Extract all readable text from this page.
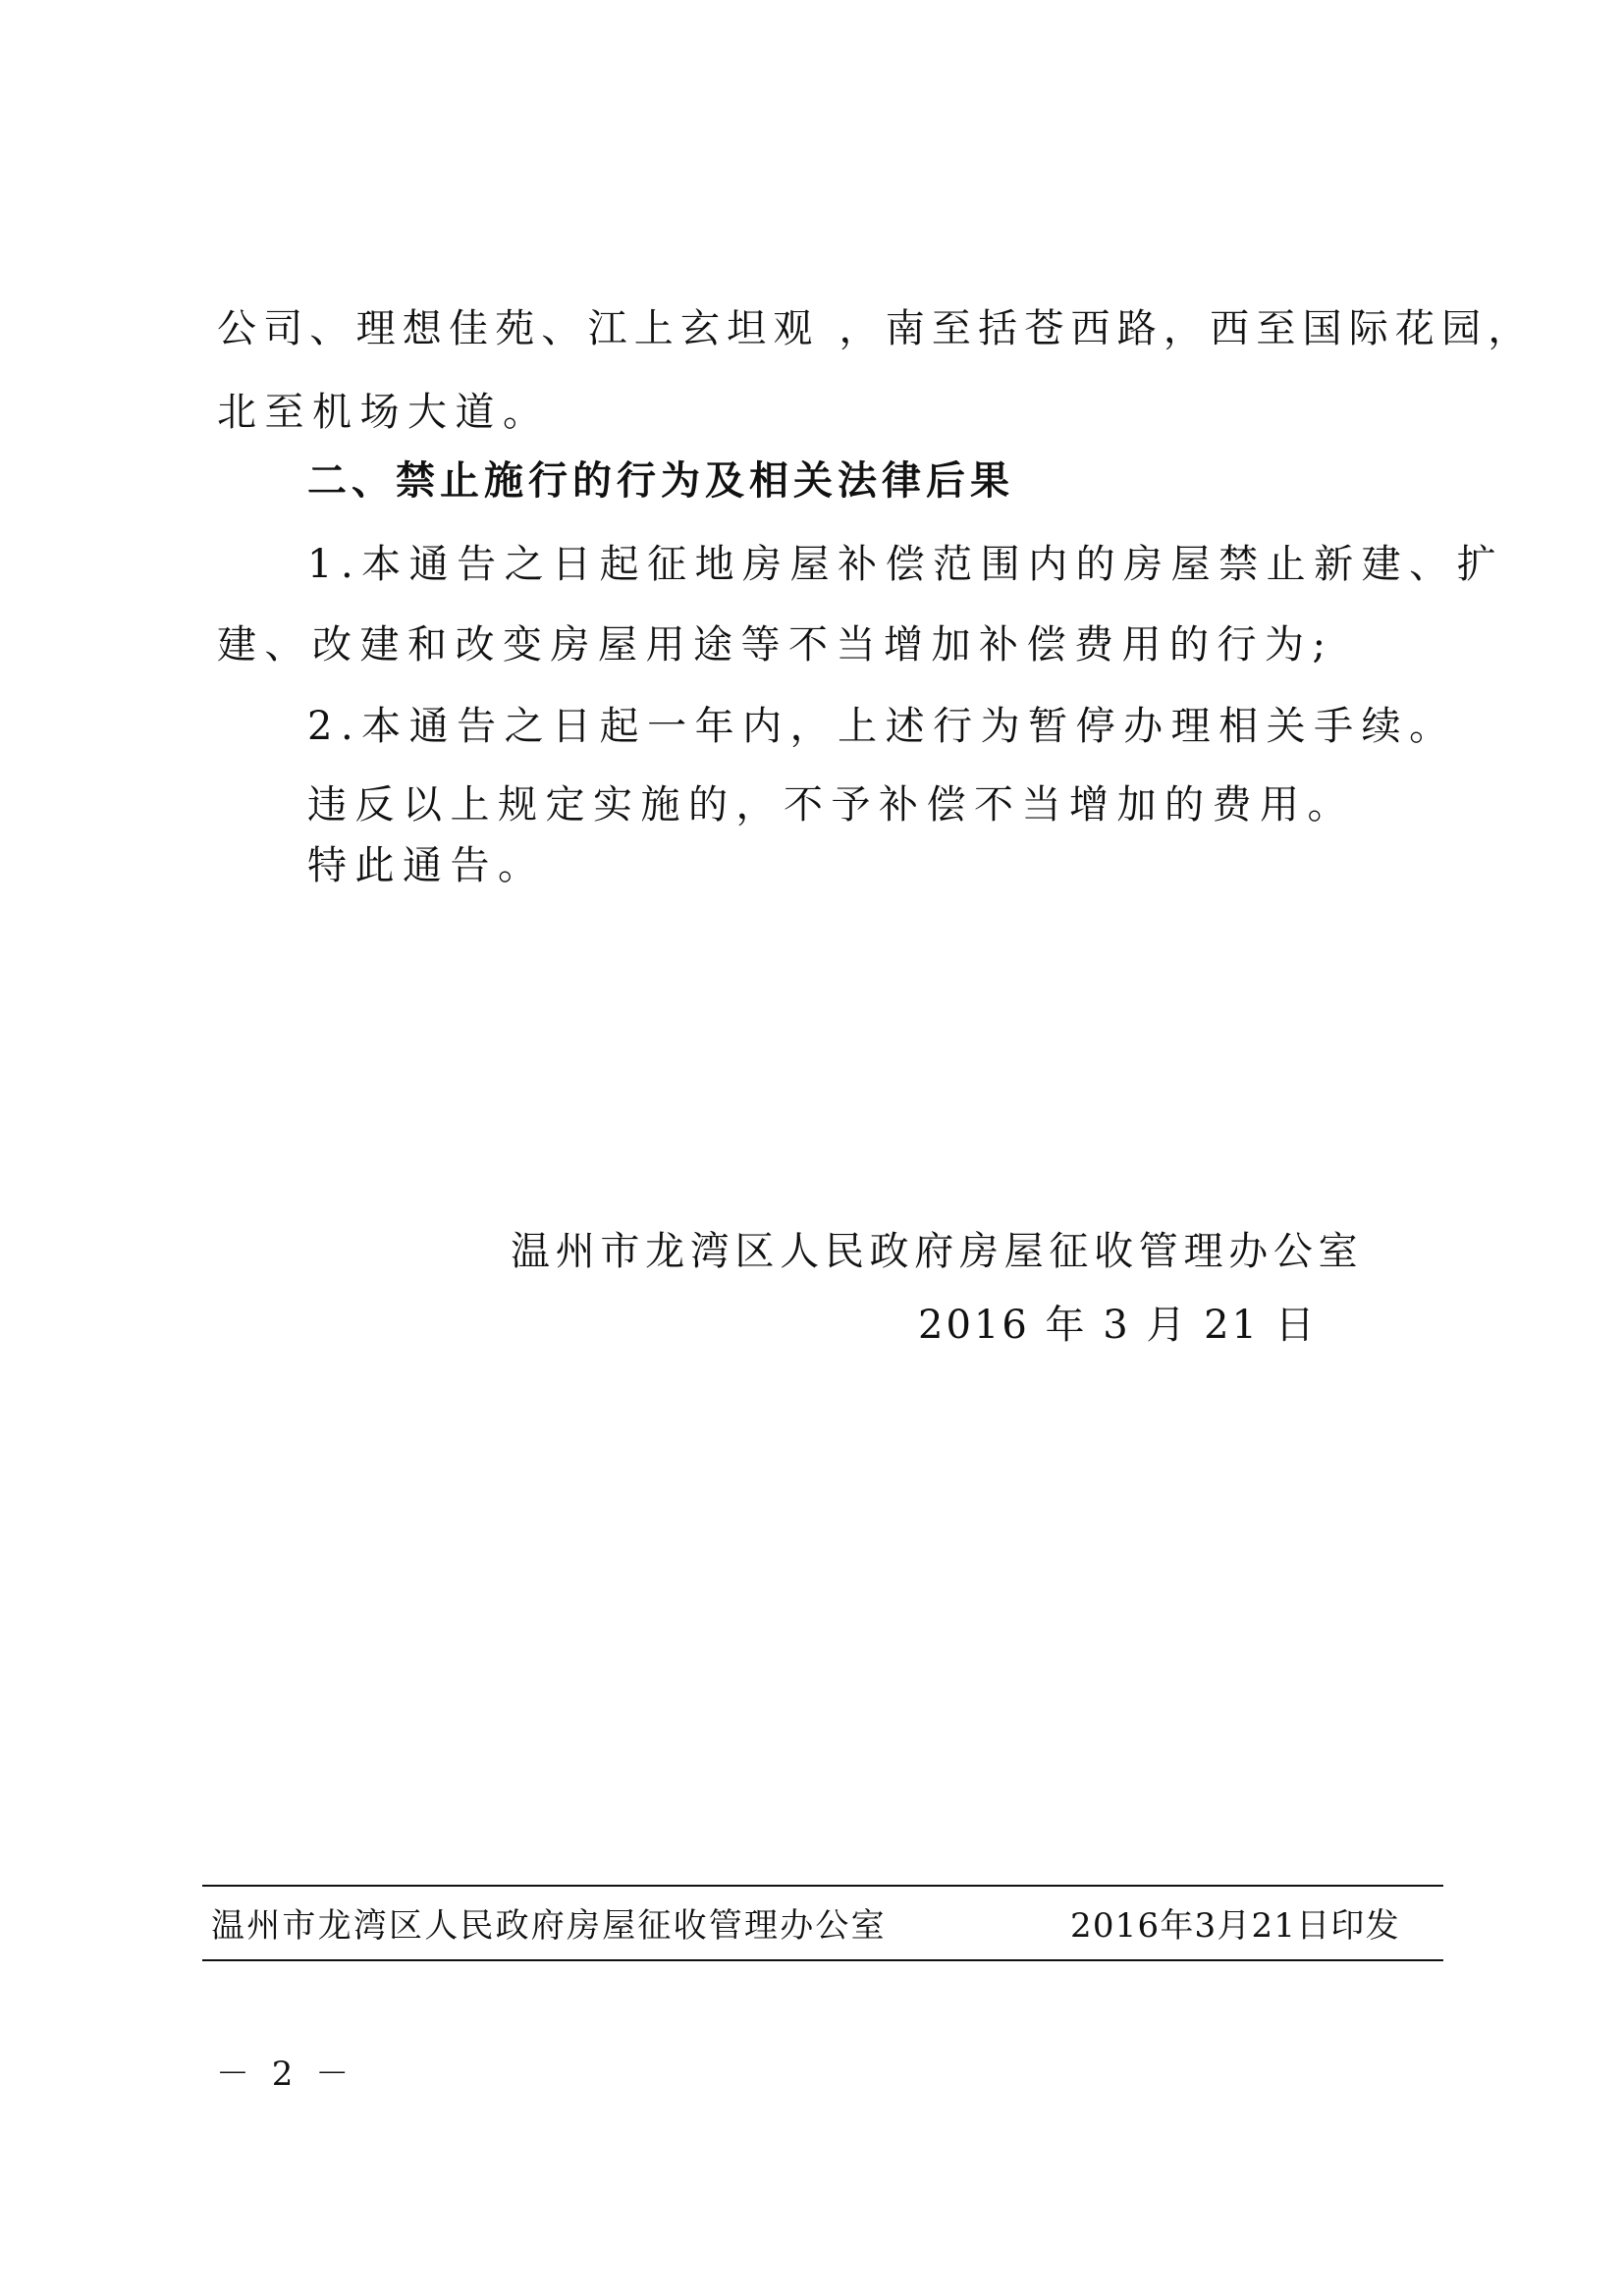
公司、理想佳苑、江上玄坦观 ，南至括苍西路，西至国际花园，
北至机场大道。
二、禁止施行的行为及相关法律后果
1.本通告之日起征地房屋补偿范围内的房屋禁止新建、扩
建、改建和改变房屋用途等不当增加补偿费用的行为;
2.本通告之日起一年内，上述行为暂停办理相关手续。
违反以上规定实施的，不予补偿不当增加的费用。
特此通告。
温州市龙湾区人民政府房屋征收管理办公室
2016 年 3 月 21 日
温州市龙湾区人民政府房屋征收管理办公室	2016年3月21日印发
－ 2 －
